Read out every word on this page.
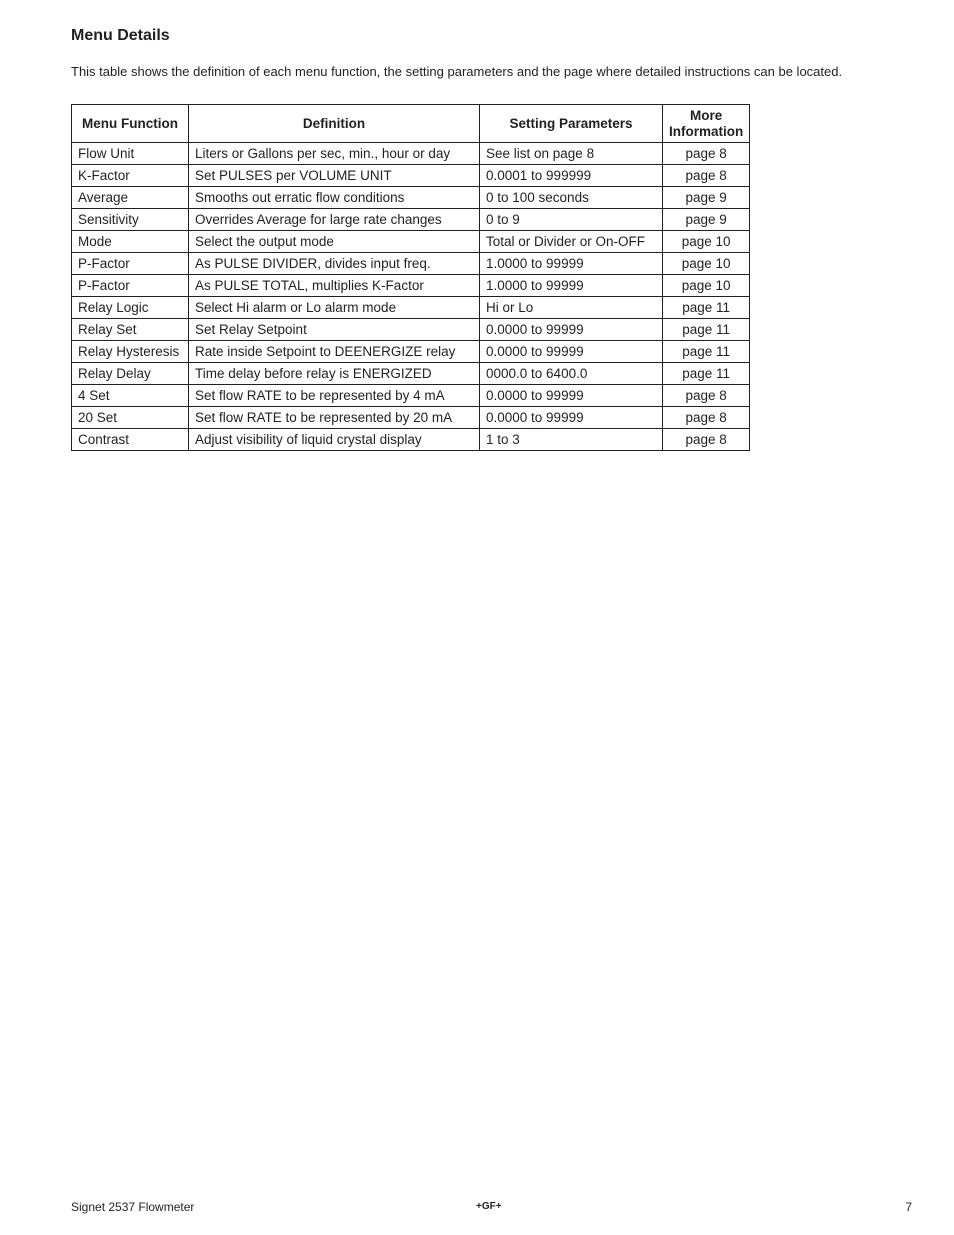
Menu Details

This table shows the definition of each menu function, the setting parameters and the page where detailed instructions can be located.

Menu Function	Definition	Setting Parameters	More
Information
Flow Unit	Liters or Gallons per sec, min., hour or day	See list on page 8	page 8
K-Factor	Set PULSES per VOLUME UNIT	0.0001 to 999999	page 8
Average	Smooths out erratic flow conditions	0 to 100 seconds	page 9
Sensitivity	Overrides Average for large rate changes	0 to 9	page 9
Mode	Select the output mode	Total or Divider or On-OFF	page 10
P-Factor	As PULSE DIVIDER, divides input freq.	1.0000 to 99999	page 10
P-Factor	As PULSE TOTAL, multiplies K-Factor	1.0000 to 99999	page 10
Relay Logic	Select Hi alarm or Lo alarm mode	Hi or Lo	page 11
Relay Set	Set Relay Setpoint	0.0000 to 99999	page 11
Relay Hysteresis	Rate inside Setpoint to DEENERGIZE relay	0.0000 to 99999	page 11
Relay Delay	Time delay before relay is ENERGIZED	0000.0 to 6400.0	page 11
4 Set	Set flow RATE to be represented by 4 mA	0.0000 to 99999	page 8
20 Set	Set flow RATE to be represented by 20 mA	0.0000 to 99999	page 8
Contrast	Adjust visibility of liquid crystal display	1 to 3	page 8
Signet 2537 Flowmeter	+GF+	7
